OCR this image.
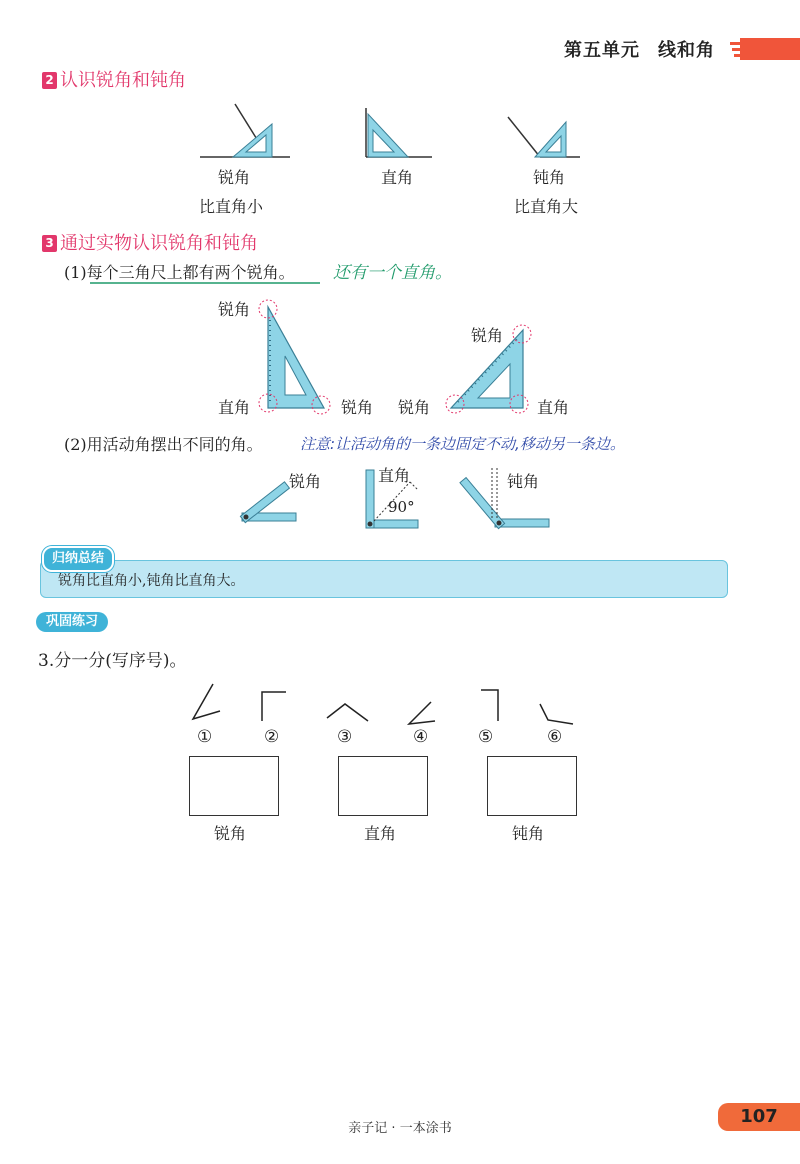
第五单元 线和角
2 认识锐角和钝角
锐角
比直角小
直角	钝角
比直角大
3 通过实物认识锐角和钝角
(1)每个三角尺上都有两个锐角。 还有一个直角。
锐角
直角	锐角
锐角
锐角	直角
(2)用活动角摆出不同的角。 注意:让活动角的一条边固定不动,移动另一条边。
锐角	直角
90°
钝角
归纳总结
锐角比直角小,钝角比直角大。
巩固练习
3.分一分(写序号)。
①	②	③	④	⑤	⑥
锐角	直角	钝角
亲子记 · 一本涂书
107
